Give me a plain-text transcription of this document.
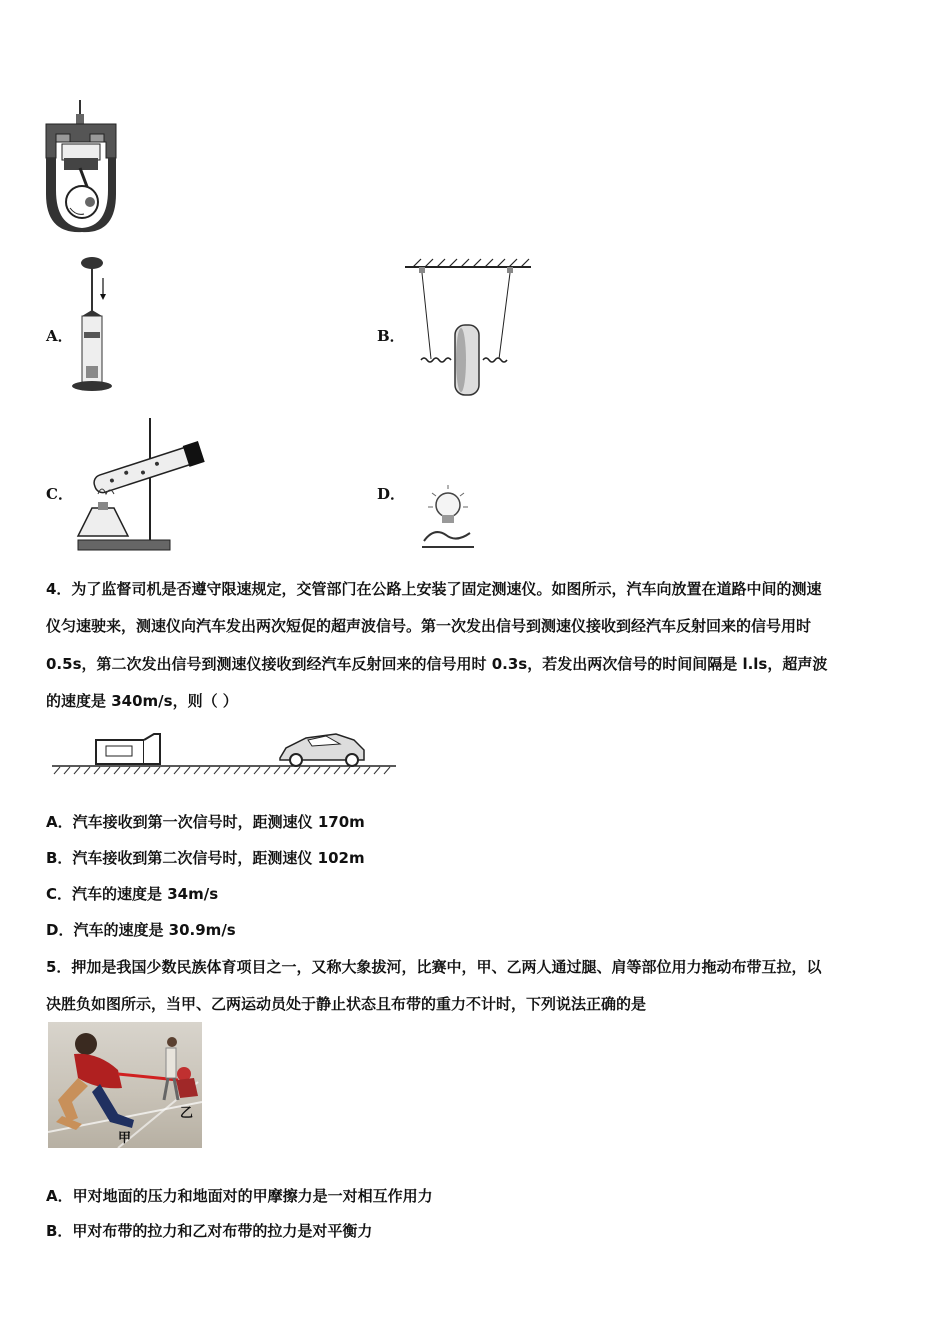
A．	B．
C．	D．
4．为了监督司机是否遵守限速规定，交管部门在公路上安装了固定测速仪。如图所示，汽车向放置在道路中间的测速
仪匀速驶来，测速仪向汽车发出两次短促的超声波信号。第一次发出信号到测速仪接收到经汽车反射回来的信号用时
0.5s，第二次发出信号到测速仪接收到经汽车反射回来的信号用时 0.3s，若发出两次信号的时间间隔是 l.ls，超声波
的速度是 340m/s，则（ ）
A．汽车接收到第一次信号时，距测速仪 170m
B．汽车接收到第二次信号时，距测速仪 102m
C．汽车的速度是 34m/s
D．汽车的速度是 30.9m/s
5．押加是我国少数民族体育项目之一，又称大象拔河，比赛中，甲、乙两人通过腿、肩等部位用力拖动布带互拉，以
决胜负如图所示，当甲、乙两运动员处于静止状态且布带的重力不计时，下列说法正确的是
甲
乙
A．甲对地面的压力和地面对的甲摩擦力是一对相互作用力
B．甲对布带的拉力和乙对布带的拉力是对平衡力
